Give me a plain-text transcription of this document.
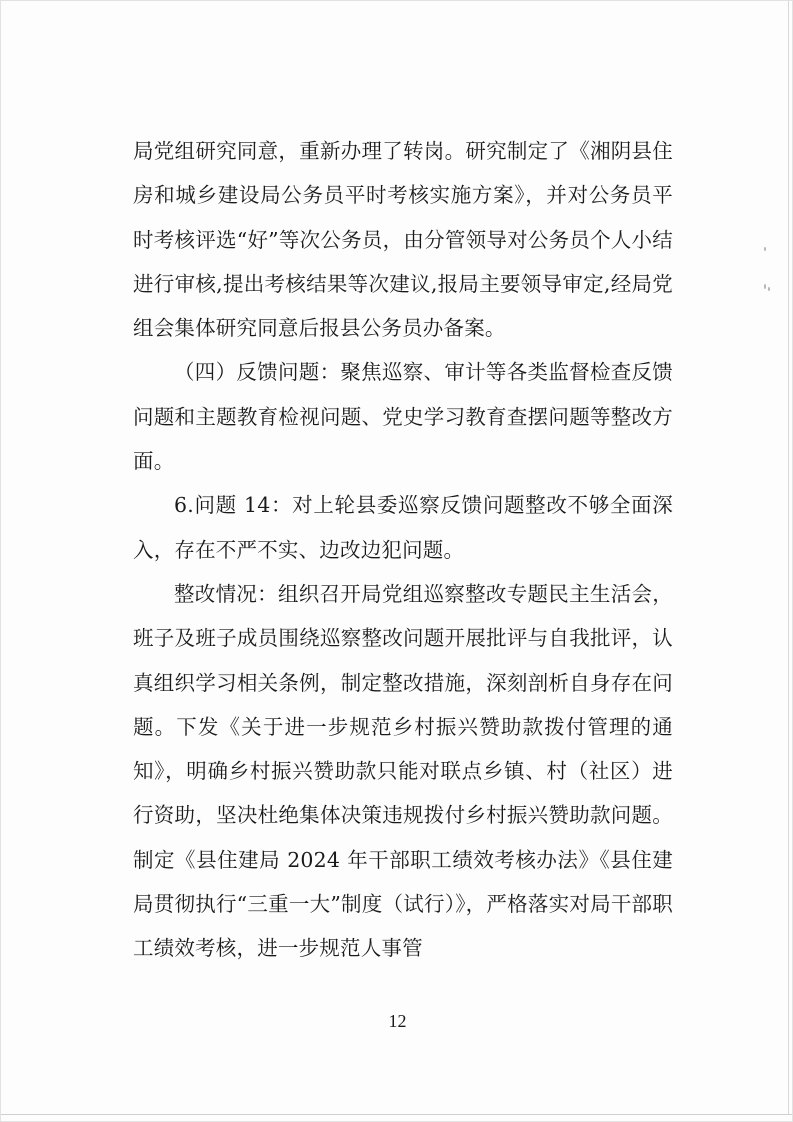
局党组研究同意，重新办理了转岗。研究制定了《湘阴县住房和城乡建设局公务员平时考核实施方案》，并对公务员平时考核评选“好”等次公务员，由分管领导对公务员个人小结进行审核,提出考核结果等次建议,报局主要领导审定,经局党组会集体研究同意后报县公务员办备案。

（四）反馈问题：聚焦巡察、审计等各类监督检查反馈问题和主题教育检视问题、党史学习教育查摆问题等整改方面。

6.问题 14：对上轮县委巡察反馈问题整改不够全面深入，存在不严不实、边改边犯问题。

整改情况：组织召开局党组巡察整改专题民主生活会，班子及班子成员围绕巡察整改问题开展批评与自我批评，认真组织学习相关条例，制定整改措施，深刻剖析自身存在问题。下发《关于进一步规范乡村振兴赞助款拨付管理的通知》，明确乡村振兴赞助款只能对联点乡镇、村（社区）进行资助，坚决杜绝集体决策违规拨付乡村振兴赞助款问题。制定《县住建局 2024 年干部职工绩效考核办法》《县住建局贯彻执行“三重一大”制度（试行）》，严格落实对局干部职工绩效考核，进一步规范人事管

12
